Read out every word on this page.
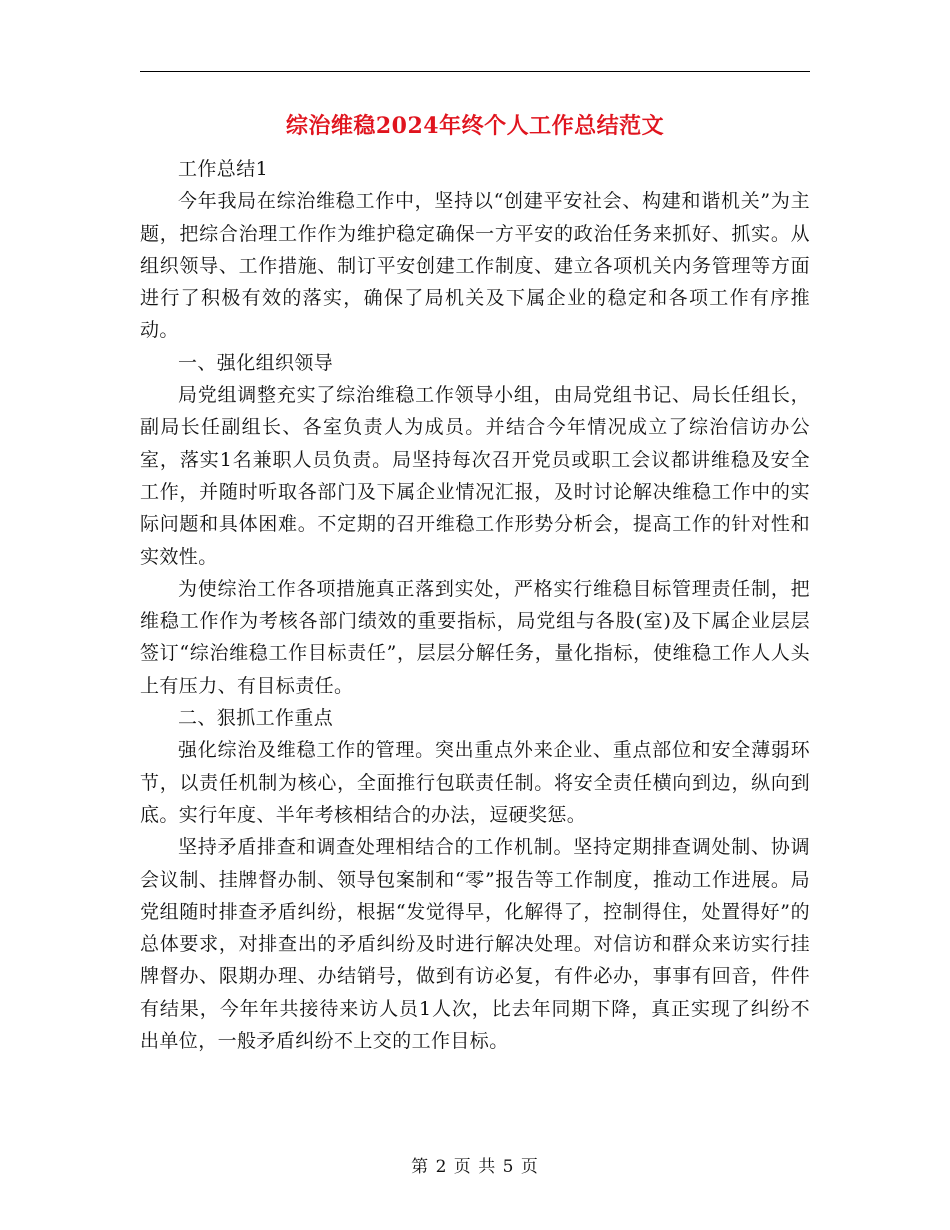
综治维稳2024年终个人工作总结范文

工作总结1

今年我局在综治维稳工作中，坚持以“创建平安社会、构建和谐机关”为主题，把综合治理工作作为维护稳定确保一方平安的政治任务来抓好、抓实。从组织领导、工作措施、制订平安创建工作制度、建立各项机关内务管理等方面进行了积极有效的落实，确保了局机关及下属企业的稳定和各项工作有序推动。

一、强化组织领导

局党组调整充实了综治维稳工作领导小组，由局党组书记、局长任组长，副局长任副组长、各室负责人为成员。并结合今年情况成立了综治信访办公室，落实1名兼职人员负责。局坚持每次召开党员或职工会议都讲维稳及安全工作，并随时听取各部门及下属企业情况汇报，及时讨论解决维稳工作中的实际问题和具体困难。不定期的召开维稳工作形势分析会，提高工作的针对性和实效性。

为使综治工作各项措施真正落到实处，严格实行维稳目标管理责任制，把维稳工作作为考核各部门绩效的重要指标，局党组与各股(室)及下属企业层层签订“综治维稳工作目标责任”，层层分解任务，量化指标，使维稳工作人人头上有压力、有目标责任。

二、狠抓工作重点

强化综治及维稳工作的管理。突出重点外来企业、重点部位和安全薄弱环节，以责任机制为核心，全面推行包联责任制。将安全责任横向到边，纵向到底。实行年度、半年考核相结合的办法，逗硬奖惩。

坚持矛盾排查和调查处理相结合的工作机制。坚持定期排查调处制、协调会议制、挂牌督办制、领导包案制和“零”报告等工作制度，推动工作进展。局党组随时排查矛盾纠纷，根据“发觉得早，化解得了，控制得住，处置得好”的总体要求，对排查出的矛盾纠纷及时进行解决处理。对信访和群众来访实行挂牌督办、限期办理、办结销号，做到有访必复，有件必办，事事有回音，件件有结果，今年年共接待来访人员1人次，比去年同期下降，真正实现了纠纷不出单位，一般矛盾纠纷不上交的工作目标。

第 2 页 共 5 页
